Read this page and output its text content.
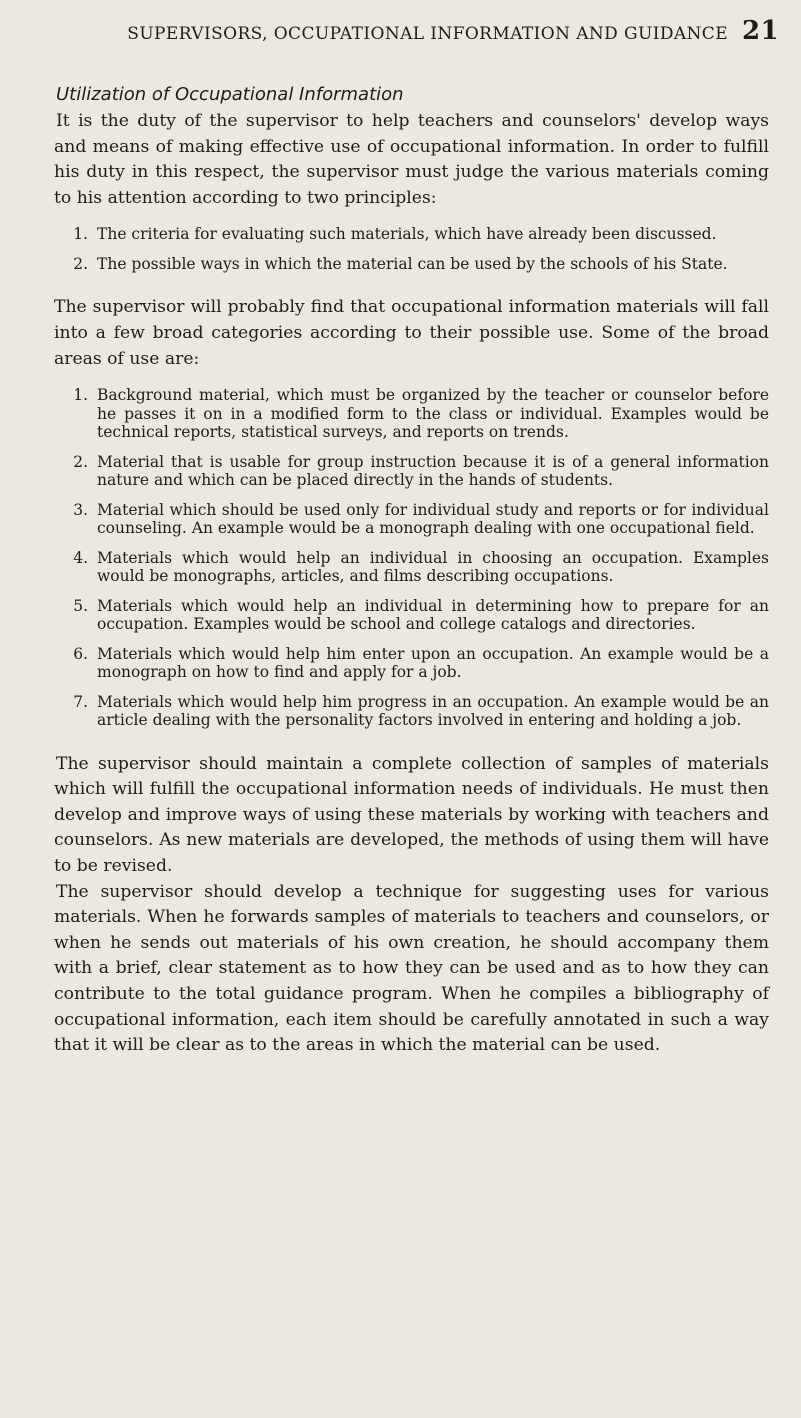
SUPERVISORS, OCCUPATIONAL INFORMATION AND GUIDANCE 21
Utilization of Occupational Information

It is the duty of the supervisor to help teachers and counselors' develop ways and means of making effective use of occupational information. In order to fulfill his duty in this respect, the supervisor must judge the various materials coming to his attention according to two principles:

1. The criteria for evaluating such materials, which have already been discussed.
2. The possible ways in which the material can be used by the schools of his State.

The supervisor will probably find that occupational information materials will fall into a few broad categories according to their possible use. Some of the broad areas of use are:

1. Background material, which must be organized by the teacher or counselor before he passes it on in a modified form to the class or individual. Examples would be technical reports, statistical surveys, and reports on trends.
2. Material that is usable for group instruction because it is of a general information nature and which can be placed directly in the hands of students.
3. Material which should be used only for individual study and reports or for individual counseling. An example would be a monograph dealing with one occupational field.
4. Materials which would help an individual in choosing an occupation. Examples would be monographs, articles, and films describing occupations.
5. Materials which would help an individual in determining how to prepare for an occupation. Examples would be school and college catalogs and directories.
6. Materials which would help him enter upon an occupation. An example would be a monograph on how to find and apply for a job.
7. Materials which would help him progress in an occupation. An example would be an article dealing with the personality factors involved in entering and holding a job.

The supervisor should maintain a complete collection of samples of materials which will fulfill the occupational information needs of individuals. He must then develop and improve ways of using these materials by working with teachers and counselors. As new materials are developed, the methods of using them will have to be revised.

The supervisor should develop a technique for suggesting uses for various materials. When he forwards samples of materials to teachers and counselors, or when he sends out materials of his own creation, he should accompany them with a brief, clear statement as to how they can be used and as to how they can contribute to the total guidance program. When he compiles a bibliography of occupational information, each item should be carefully annotated in such a way that it will be clear as to the areas in which the material can be used.
